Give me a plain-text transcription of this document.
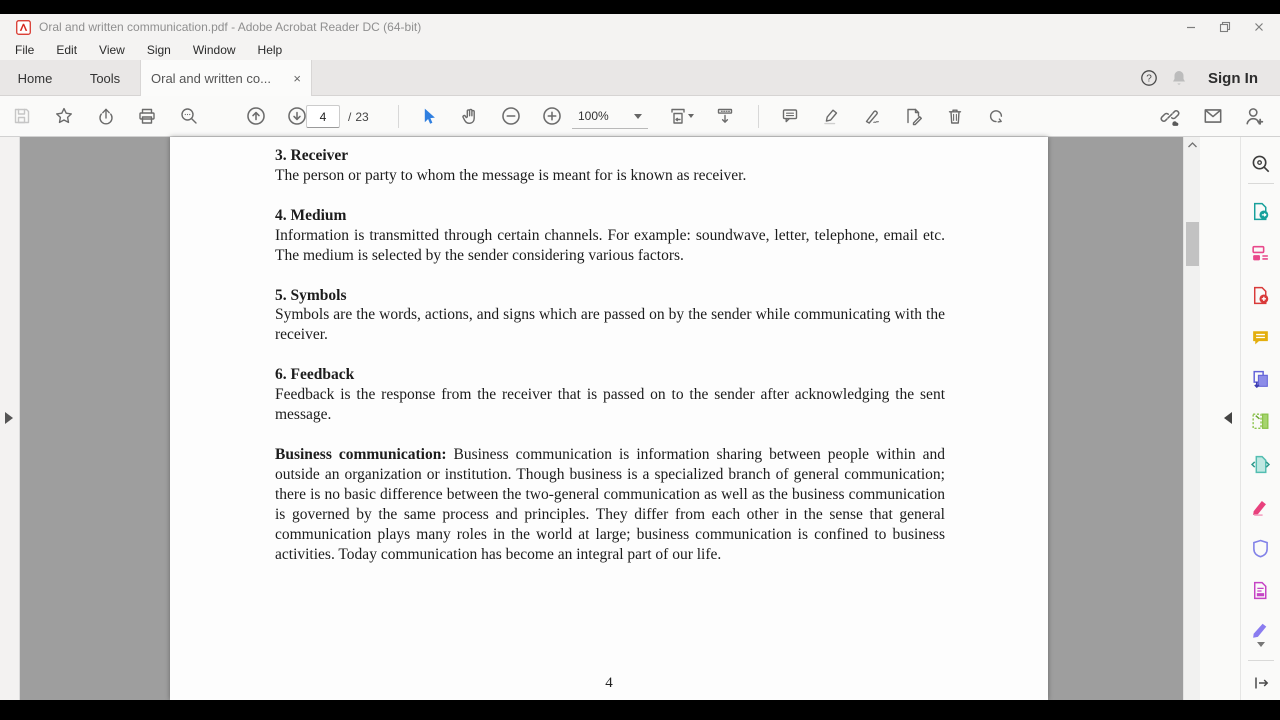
Oral and written communication.pdf - Adobe Acrobat Reader DC (64-bit)
File	Edit	View	Sign	Window	Help
Home	Tools	Oral and written co... ×	?	Sign In
4
/ 23	100%
3. Receiver
The person or party to whom the message is meant for is known as receiver.
4. Medium
Information is transmitted through certain channels. For example: soundwave, letter, telephone, email etc. The medium is selected by the sender considering various factors.
5. Symbols
Symbols are the words, actions, and signs which are passed on by the sender while communicating with the receiver.
6. Feedback
Feedback is the response from the receiver that is passed on to the sender after acknowledging the sent message.
Business communication: Business communication is information sharing between people within and outside an organization or institution. Though business is a specialized branch of general communication; there is no basic difference between the two-general communication as well as the business communication is governed by the same process and principles. They differ from each other in the sense that general communication plays many roles in the world at large; business communication is confined to business activities. Today communication has become an integral part of our life.
4
